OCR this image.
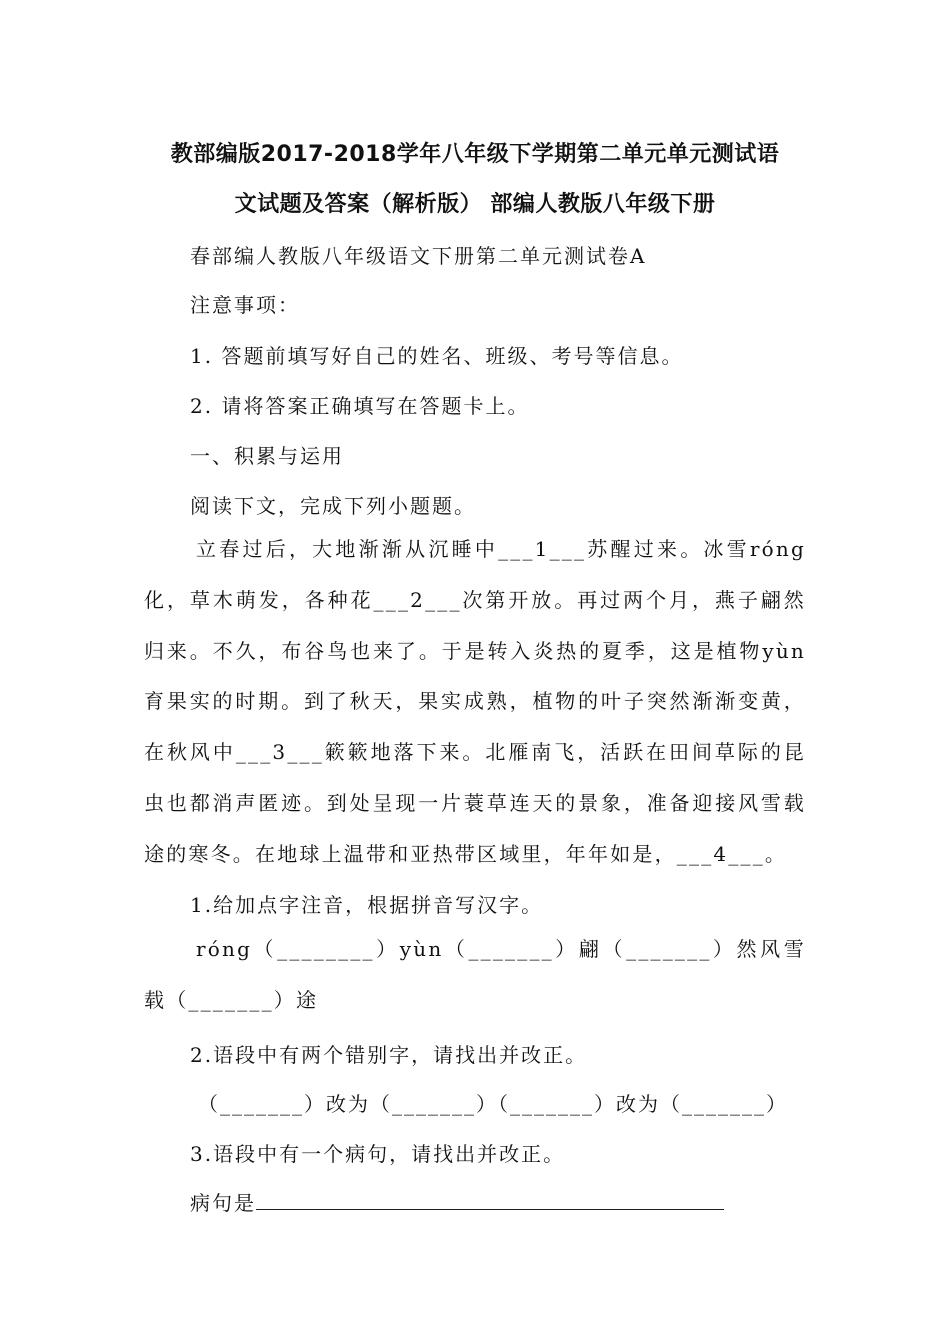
教部编版2017-2018学年八年级下学期第二单元单元测试语
文试题及答案（解析版） 部编人教版八年级下册
春部编人教版八年级语文下册第二单元测试卷A
注意事项：
1. 答题前填写好自己的姓名、班级、考号等信息。
2. 请将答案正确填写在答题卡上。
一、积累与运用
阅读下文，完成下列小题题。
立春过后，大地渐渐从沉睡中___1___苏醒过来。冰雪róng化，草木萌发，各种花___2___次第开放。再过两个月，燕子翩然归来。不久，布谷鸟也来了。于是转入炎热的夏季，这是植物yùn育果实的时期。到了秋天，果实成熟，植物的叶子突然渐渐变黄，在秋风中___3___簌簌地落下来。北雁南飞，活跃在田间草际的昆虫也都消声匿迹。到处呈现一片蓑草连天的景象，准备迎接风雪载途的寒冬。在地球上温带和亚热带区域里，年年如是，___4___。
1.给加点字注音，根据拼音写汉字。
róng（________）yùn（_______）翩（_______）然风雪载（_______）途
2.语段中有两个错别字，请找出并改正。
（_______）改为（_______）（_______）改为（_______）
3.语段中有一个病句，请找出并改正。
病句是
